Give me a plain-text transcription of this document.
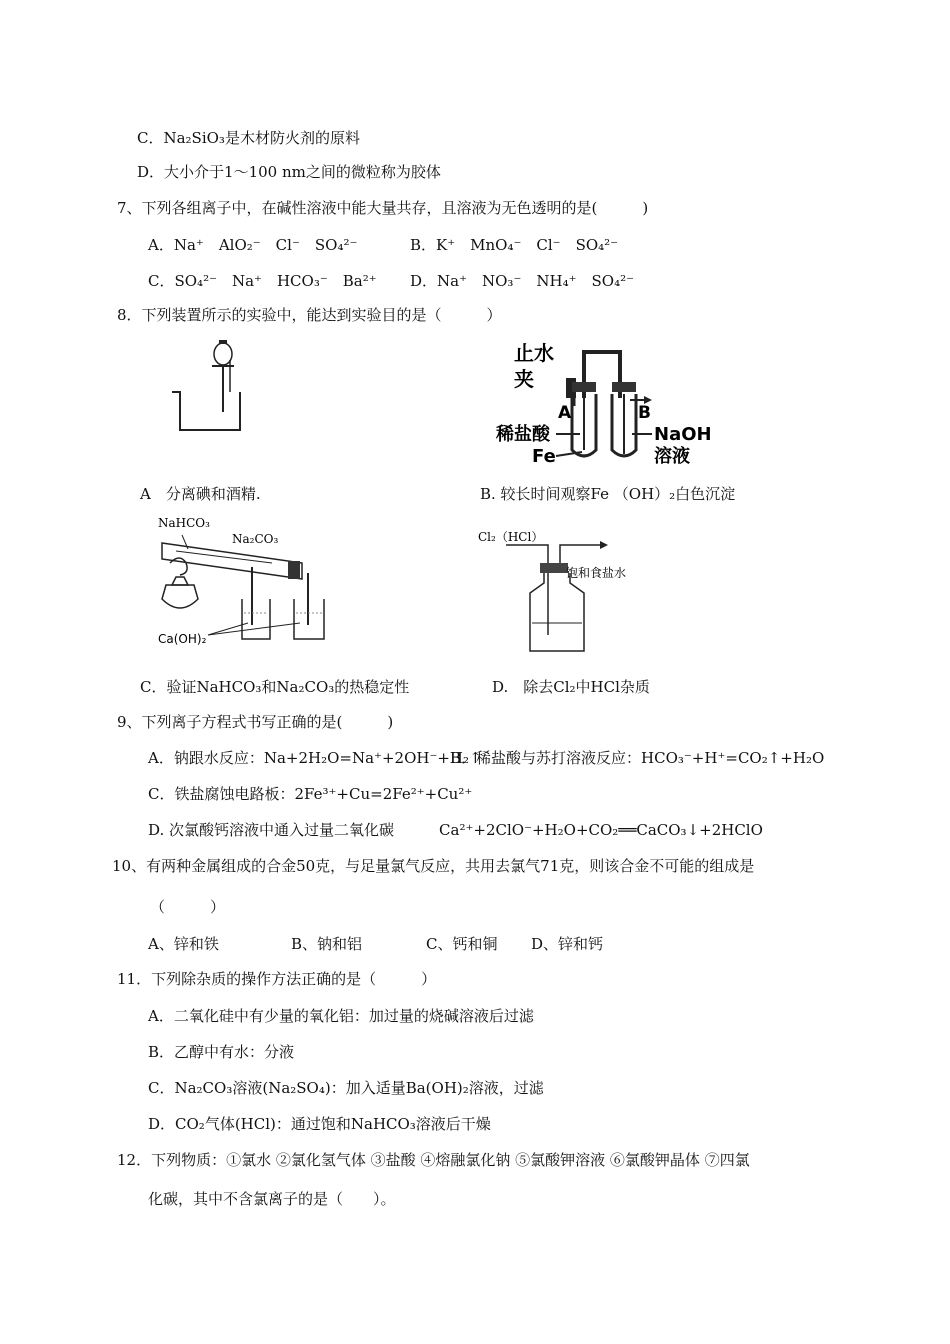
C．Na₂SiO₃是木材防火剂的原料
D．大小介于1～100 nm之间的微粒称为胶体
7、下列各组离子中，在碱性溶液中能大量共存，且溶液为无色透明的是(　　　)
A．Na⁺　AlO₂⁻　Cl⁻　SO₄²⁻	B．K⁺　MnO₄⁻　Cl⁻　SO₄²⁻
C．SO₄²⁻　Na⁺　HCO₃⁻　Ba²⁺ D．Na⁺　NO₃⁻　NH₄⁺　SO₄²⁻
8．下列装置所示的实验中，能达到实验目的是（　　　）
止水
夹
A	B
稀盐酸
Fe
NaOH
溶液
A　分离碘和酒精.	B. 较长时间观察Fe （OH）₂白色沉淀
NaHCO₃
Na₂CO₃
Ca(OH)₂
Cl₂（HCl）
饱和食盐水
C．验证NaHCO₃和Na₂CO₃的热稳定性	D.　除去Cl₂中HCl杂质
9、下列离子方程式书写正确的是(　　　)
A．钠跟水反应：Na+2H₂O=Na⁺+2OH⁻+H₂↑
B．稀盐酸与苏打溶液反应：HCO₃⁻+H⁺=CO₂↑+H₂O
C．铁盐腐蚀电路板：2Fe³⁺+Cu=2Fe²⁺+Cu²⁺
D. 次氯酸钙溶液中通入过量二氧化碳　　　Ca²⁺+2ClO⁻+H₂O+CO₂══CaCO₃↓+2HClO
10、有两种金属组成的合金50克，与足量氯气反应，共用去氯气71克，则该合金不可能的组成是
（　　　）
A、锌和铁	B、钠和铝	C、钙和铜 D、锌和钙
11．下列除杂质的操作方法正确的是（　　　）
A．二氧化硅中有少量的氧化铝：加过量的烧碱溶液后过滤
B．乙醇中有水：分液
C．Na₂CO₃溶液(Na₂SO₄)：加入适量Ba(OH)₂溶液，过滤
D．CO₂气体(HCl)：通过饱和NaHCO₃溶液后干燥
12．下列物质：①氯水 ②氯化氢气体 ③盐酸 ④熔融氯化钠 ⑤氯酸钾溶液 ⑥氯酸钾晶体 ⑦四氯
化碳，其中不含氯离子的是（　　）。
